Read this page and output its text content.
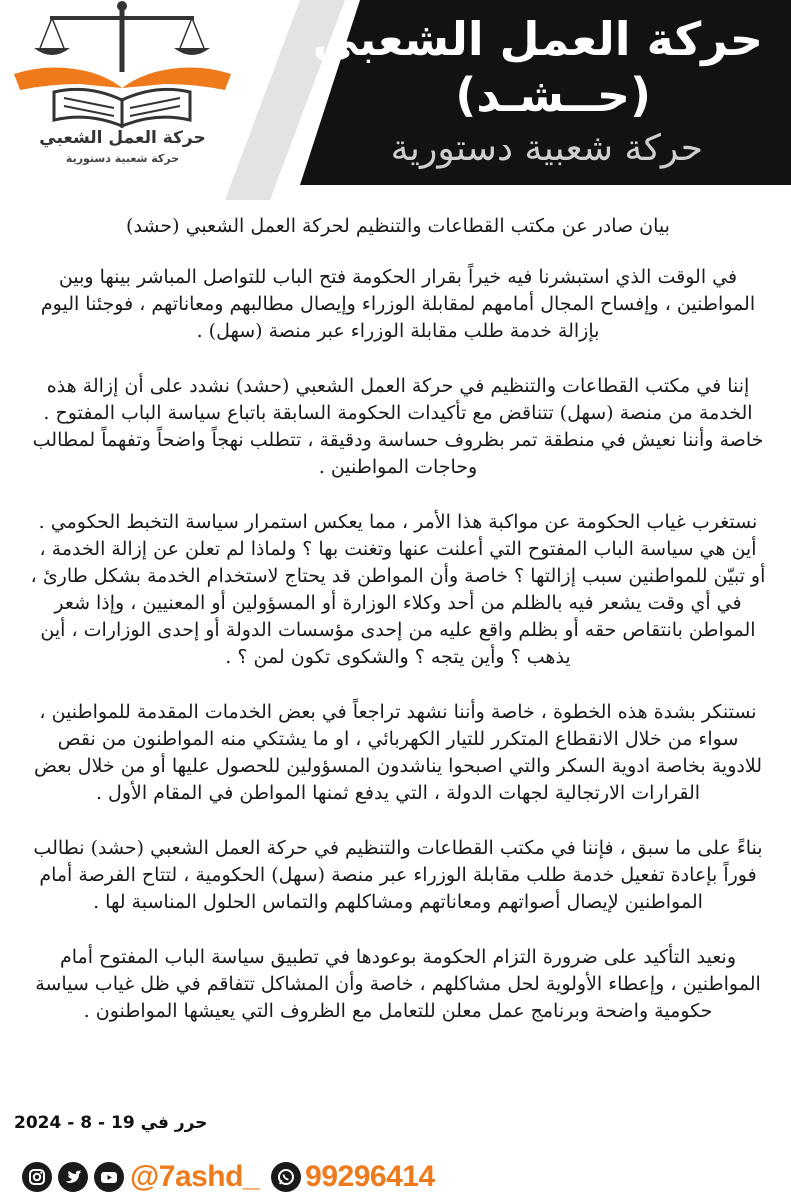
حركة العمل الشعبي
(حــشـد)
حركة شعبية دستورية
حركة العمل الشعبي
حركة شعبية دستورية
بيان صادر عن مكتب القطاعات والتنظيم لحركة العمل الشعبي (حشد)

في الوقت الذي استبشرنا فيه خيراً بقرار الحكومة فتح الباب للتواصل المباشر بينها وبين المواطنين ، وإفساح المجال أمامهم لمقابلة الوزراء وإيصال مطالبهم ومعاناتهم ، فوجئنا اليوم بإزالة خدمة طلب مقابلة الوزراء عبر منصة (سهل) .

إننا في مكتب القطاعات والتنظيم في حركة العمل الشعبي (حشد) نشدد على أن إزالة هذه الخدمة من منصة (سهل) تتناقض مع تأكيدات الحكومة السابقة باتباع سياسة الباب المفتوح . خاصة وأننا نعيش في منطقة تمر بظروف حساسة ودقيقة ، تتطلب نهجاً واضحاً وتفهماً لمطالب وحاجات المواطنين .

نستغرب غياب الحكومة عن مواكبة هذا الأمر ، مما يعكس استمرار سياسة التخبط الحكومي . أين هي سياسة الباب المفتوح التي أعلنت عنها وتغنت بها ؟ ولماذا لم تعلن عن إزالة الخدمة ، أو تبيّن للمواطنين سبب إزالتها ؟ خاصة وأن المواطن قد يحتاج لاستخدام الخدمة بشكل طارئ ، في أي وقت يشعر فيه بالظلم من أحد وكلاء الوزارة أو المسؤولين أو المعنيين ، وإذا شعر المواطن بانتقاص حقه أو بظلم واقع عليه من إحدى مؤسسات الدولة أو إحدى الوزارات ، أين يذهب ؟ وأين يتجه ؟ والشكوى تكون لمن ؟ .

نستنكر بشدة هذه الخطوة ، خاصة وأننا نشهد تراجعاً في بعض الخدمات المقدمة للمواطنين ، سواء من خلال الانقطاع المتكرر للتيار الكهربائي ، او ما يشتكي منه المواطنون من نقص للادوية بخاصة ادوية السكر والتي اصبحوا يناشدون المسؤولين للحصول عليها أو من خلال بعض القرارات الارتجالية لجهات الدولة ، التي يدفع ثمنها المواطن في المقام الأول .

بناءً على ما سبق ، فإننا في مكتب القطاعات والتنظيم في حركة العمل الشعبي (حشد) نطالب فوراً بإعادة تفعيل خدمة طلب مقابلة الوزراء عبر منصة (سهل) الحكومية ، لتتاح الفرصة أمام المواطنين لإيصال أصواتهم ومعاناتهم ومشاكلهم والتماس الحلول المناسبة لها .

ونعيد التأكيد على ضرورة التزام الحكومة بوعودها في تطبيق سياسة الباب المفتوح أمام المواطنين ، وإعطاء الأولوية لحل مشاكلهم ، خاصة وأن المشاكل تتفاقم في ظل غياب سياسة حكومية واضحة وبرنامج عمل معلن للتعامل مع الظروف التي يعيشها المواطنون .

حرر في 19 - 8 - 2024
@7ashd_ 99296414
